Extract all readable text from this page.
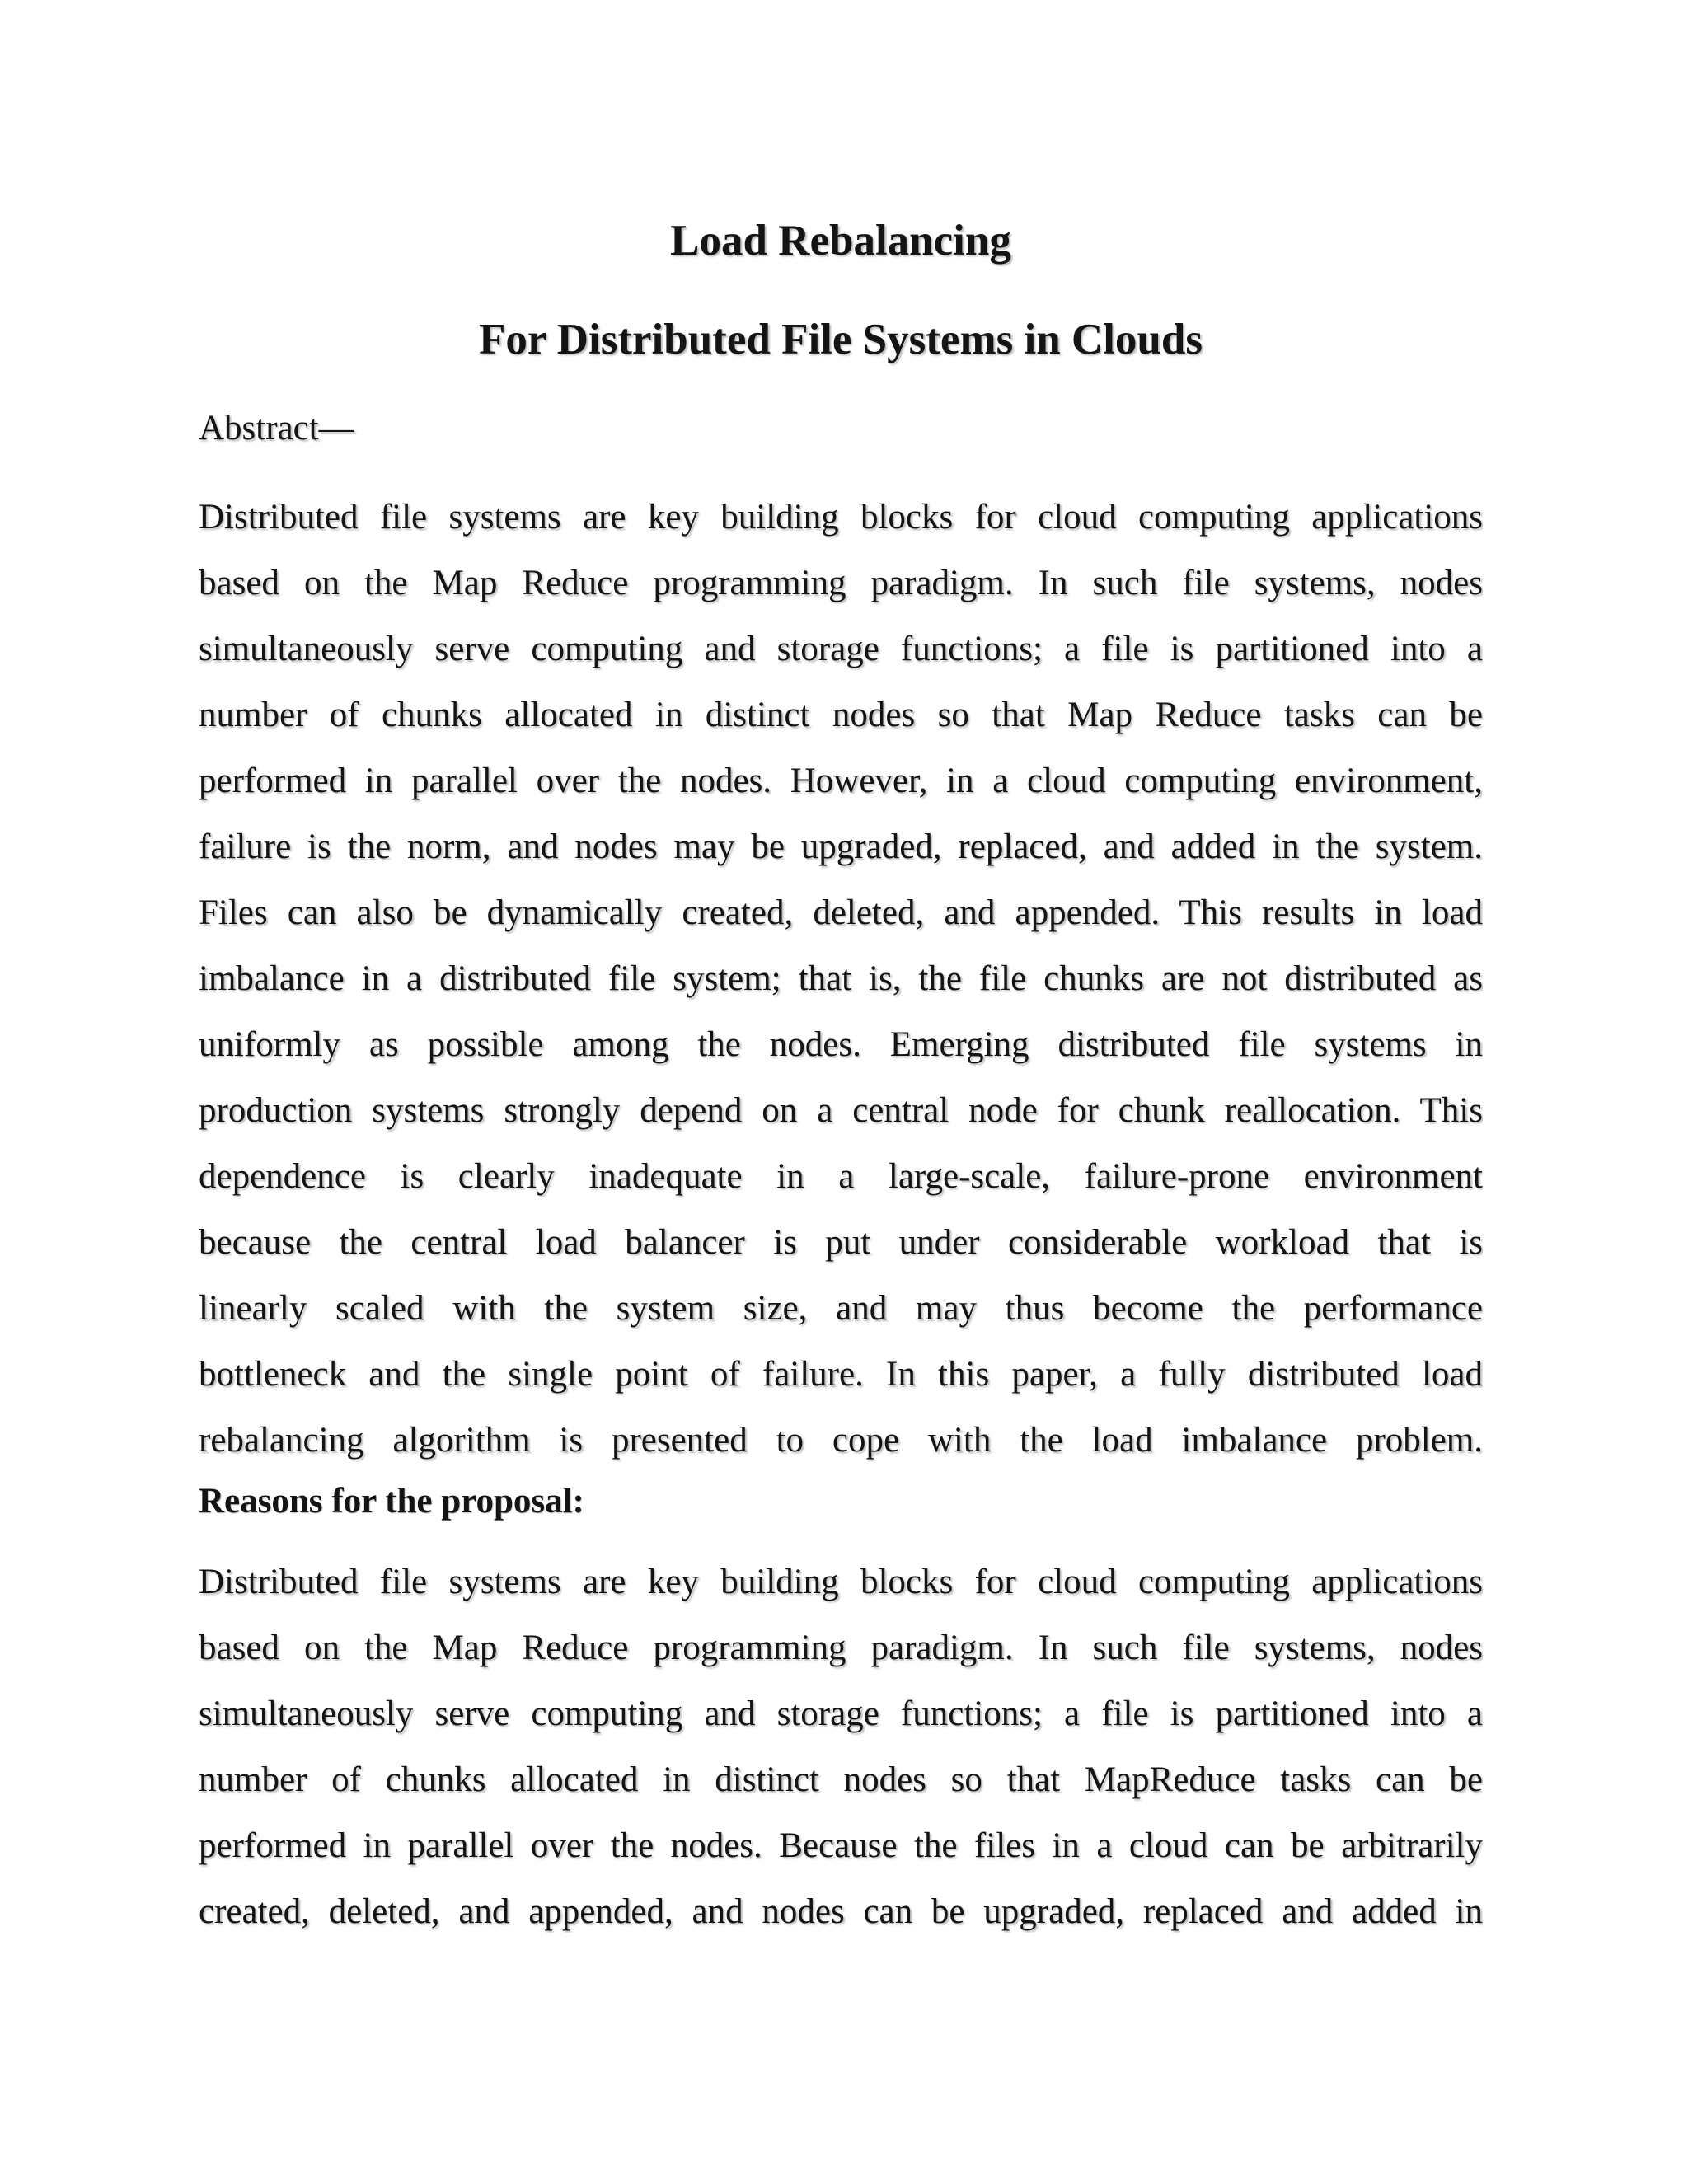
Load Rebalancing
For Distributed File Systems in Clouds

Abstract—

Distributed file systems are key building blocks for cloud computing applications
based on the Map Reduce programming paradigm. In such file systems, nodes
simultaneously serve computing and storage functions; a file is partitioned into a
number of chunks allocated in distinct nodes so that Map Reduce tasks can be
performed in parallel over the nodes. However, in a cloud computing environment,
failure is the norm, and nodes may be upgraded, replaced, and added in the system.
Files can also be dynamically created, deleted, and appended. This results in load
imbalance in a distributed file system; that is, the file chunks are not distributed as
uniformly as possible among the nodes. Emerging distributed file systems in
production systems strongly depend on a central node for chunk reallocation. This
dependence is clearly inadequate in a large-scale, failure-prone environment
because the central load balancer is put under considerable workload that is
linearly scaled with the system size, and may thus become the performance
bottleneck and the single point of failure. In this paper, a fully distributed load
rebalancing algorithm is presented to cope with the load imbalance problem.

Reasons for the proposal:

Distributed file systems are key building blocks for cloud computing applications
based on the Map Reduce programming paradigm. In such file systems, nodes
simultaneously serve computing and storage functions; a file is partitioned into a
number of chunks allocated in distinct nodes so that MapReduce tasks can be
performed in parallel over the nodes. Because the files in a cloud can be arbitrarily
created, deleted, and appended, and nodes can be upgraded, replaced and added in
